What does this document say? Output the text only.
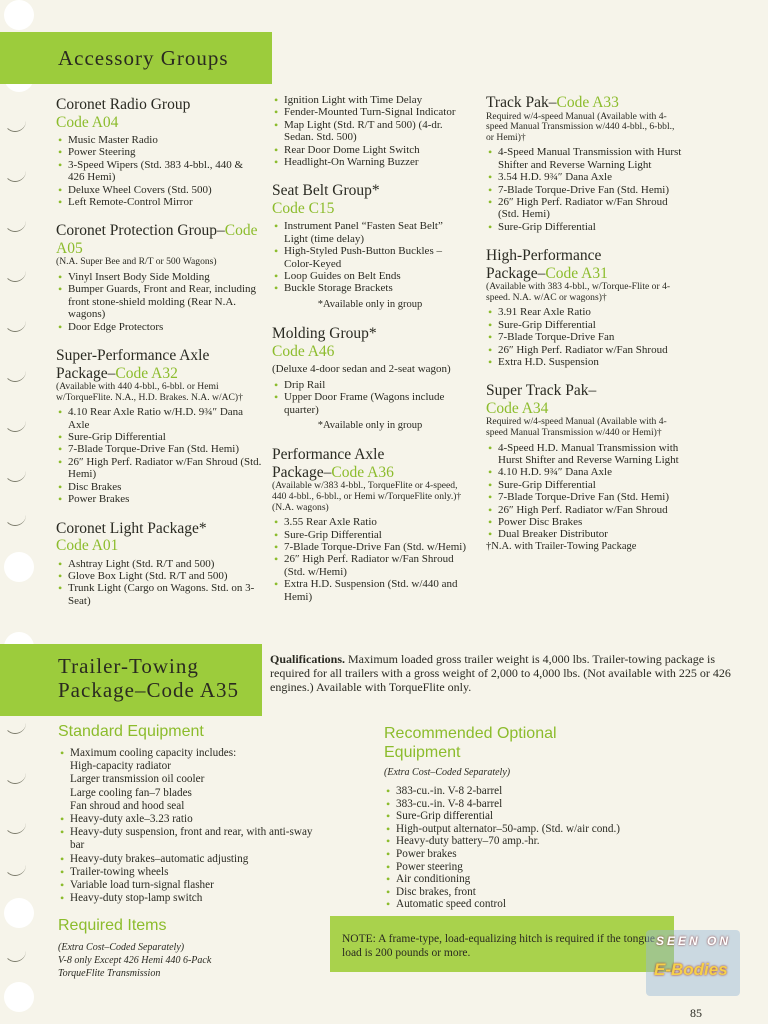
Accessory Groups
Coronet Radio Group
Code A04
• Music Master Radio
• Power Steering
• 3-Speed Wipers (Std. 383 4-bbl., 440 & 426 Hemi)
• Deluxe Wheel Covers (Std. 500)
• Left Remote-Control Mirror
Coronet Protection Group–Code A05
(N.A. Super Bee and R/T or 500 Wagons)
• Vinyl Insert Body Side Molding
• Bumper Guards, Front and Rear, including front stone-shield molding (Rear N.A. wagons)
• Door Edge Protectors
Super-Performance Axle Package–Code A32
(Available with 440 4-bbl., 6-bbl. or Hemi w/TorqueFlite. N.A., H.D. Brakes. N.A. w/AC)†
• 4.10 Rear Axle Ratio w/H.D. 9¾″ Dana Axle
• Sure-Grip Differential
• 7-Blade Torque-Drive Fan (Std. Hemi)
• 26″ High Perf. Radiator w/Fan Shroud (Std. Hemi)
• Disc Brakes
• Power Brakes
Coronet Light Package*
Code A01
• Ashtray Light (Std. R/T and 500)
• Glove Box Light (Std. R/T and 500)
• Trunk Light (Cargo on Wagons. Std. on 3-Seat)
• Ignition Light with Time Delay
• Fender-Mounted Turn-Signal Indicator
• Map Light (Std. R/T and 500) (4-dr. Sedan. Std. 500)
• Rear Door Dome Light Switch
• Headlight-On Warning Buzzer
Seat Belt Group*
Code C15
• Instrument Panel “Fasten Seat Belt” Light (time delay)
• High-Styled Push-Button Buckles –Color-Keyed
• Loop Guides on Belt Ends
• Buckle Storage Brackets
*Available only in group
Molding Group*
Code A46
(Deluxe 4-door sedan and 2-seat wagon)
• Drip Rail
• Upper Door Frame (Wagons include quarter)
*Available only in group
Performance Axle
Package–Code A36
(Available w/383 4-bbl., TorqueFlite or 4-speed, 440 4-bbl., 6-bbl., or Hemi w/TorqueFlite only.)† (N.A. wagons)
• 3.55 Rear Axle Ratio
• Sure-Grip Differential
• 7-Blade Torque-Drive Fan (Std. w/Hemi)
• 26″ High Perf. Radiator w/Fan Shroud (Std. w/Hemi)
• Extra H.D. Suspension (Std. w/440 and Hemi)
Track Pak–Code A33
Required w/4-speed Manual (Available with 4-speed Manual Transmission w/440 4-bbl., 6-bbl., or Hemi)†
• 4-Speed Manual Transmission with Hurst Shifter and Reverse Warning Light
• 3.54 H.D. 9¾″ Dana Axle
• 7-Blade Torque-Drive Fan (Std. Hemi)
• 26″ High Perf. Radiator w/Fan Shroud (Std. Hemi)
• Sure-Grip Differential
High-Performance
Package–Code A31
(Available with 383 4-bbl., w/Torque-Flite or 4-speed. N.A. w/AC or wagons)†
• 3.91 Rear Axle Ratio
• Sure-Grip Differential
• 7-Blade Torque-Drive Fan
• 26″ High Perf. Radiator w/Fan Shroud
• Extra H.D. Suspension
Super Track Pak–
Code A34
Required w/4-speed Manual (Available with 4-speed Manual Transmission w/440 or Hemi)†
• 4-Speed H.D. Manual Transmission with Hurst Shifter and Reverse Warning Light
• 4.10 H.D. 9¾″ Dana Axle
• Sure-Grip Differential
• 7-Blade Torque-Drive Fan (Std. Hemi)
• 26″ High Perf. Radiator w/Fan Shroud
• Power Disc Brakes
• Dual Breaker Distributor
†N.A. with Trailer-Towing Package
Trailer-Towing
Package–Code A35
Qualifications. Maximum loaded gross trailer weight is 4,000 lbs. Trailer-towing package is required for all trailers with a gross weight of 2,000 to 4,000 lbs. (Not available with 225 or 426 engines.) Available with TorqueFlite only.
Standard Equipment
• Maximum cooling capacity includes:
High-capacity radiator
Larger transmission oil cooler
Large cooling fan–7 blades
Fan shroud and hood seal
• Heavy-duty axle–3.23 ratio
• Heavy-duty suspension, front and rear, with anti-sway bar
• Heavy-duty brakes–automatic adjusting
• Trailer-towing wheels
• Variable load turn-signal flasher
• Heavy-duty stop-lamp switch
Required Items
(Extra Cost–Coded Separately)
V-8 only Except 426 Hemi 440 6-Pack
TorqueFlite Transmission
Recommended Optional
Equipment
(Extra Cost–Coded Separately)
• 383-cu.-in. V-8 2-barrel
• 383-cu.-in. V-8 4-barrel
• Sure-Grip differential
• High-output alternator–50-amp. (Std. w/air cond.)
• Heavy-duty battery–70 amp.-hr.
• Power brakes
• Power steering
• Air conditioning
• Disc brakes, front
• Automatic speed control
NOTE: A frame-type, load-equalizing hitch is required if the tongue load is 200 pounds or more.
SEEN ON
E-Bodies
85
